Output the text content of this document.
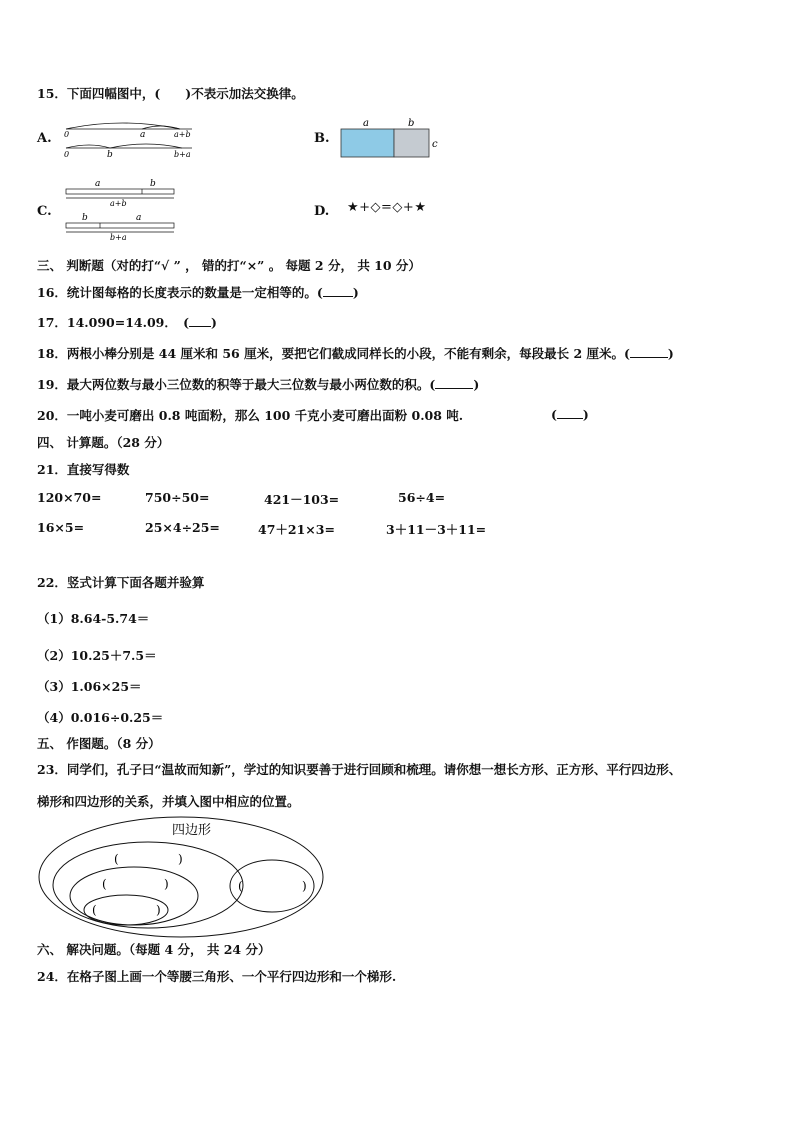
15．下面四幅图中，(　　)不表示加法交换律。
A. 0	a	a+b
0	b	b+a
B.
a	b
c
C.
a	b
a+b
b	a
b+a
D. ★+◇=◇+★
三、 判断题（对的打“√ ” ， 错的打“×” 。 每题 2 分， 共 10 分）
16．统计图每格的长度表示的数量是一定相等的。( )
17．14.090=14.09．　( )
18．两根小棒分别是 44 厘米和 56 厘米，要把它们截成同样长的小段，不能有剩余，每段最长 2 厘米。(	)
19．最大两位数与最小三位数的积等于最大三位数与最小两位数的积。(	)
20．一吨小麦可磨出 0.8 吨面粉，那么 100 千克小麦可磨出面粉 0.08 吨.	( )
四、 计算题。（28 分）
21．直接写得数
120×70=	750÷50=	421－103=	56÷4=
16×5=	25×4÷25=	47＋21×3=	3＋11－3＋11=
22．竖式计算下面各题并验算
（1）8.64-5.74＝
（2）10.25＋7.5＝
（3）1.06×25＝
（4）0.016÷0.25＝
五、 作图题。（8 分）
23．同学们，孔子曰“温故而知新”，学过的知识要善于进行回顾和梳理。请你想一想长方形、正方形、平行四边形、
梯形和四边形的关系，并填入图中相应的位置。
四边形
(	)
(	)
(	)
(	)
六、 解决问题。（每题 4 分， 共 24 分）
24．在格子图上画一个等腰三角形、一个平行四边形和一个梯形.
